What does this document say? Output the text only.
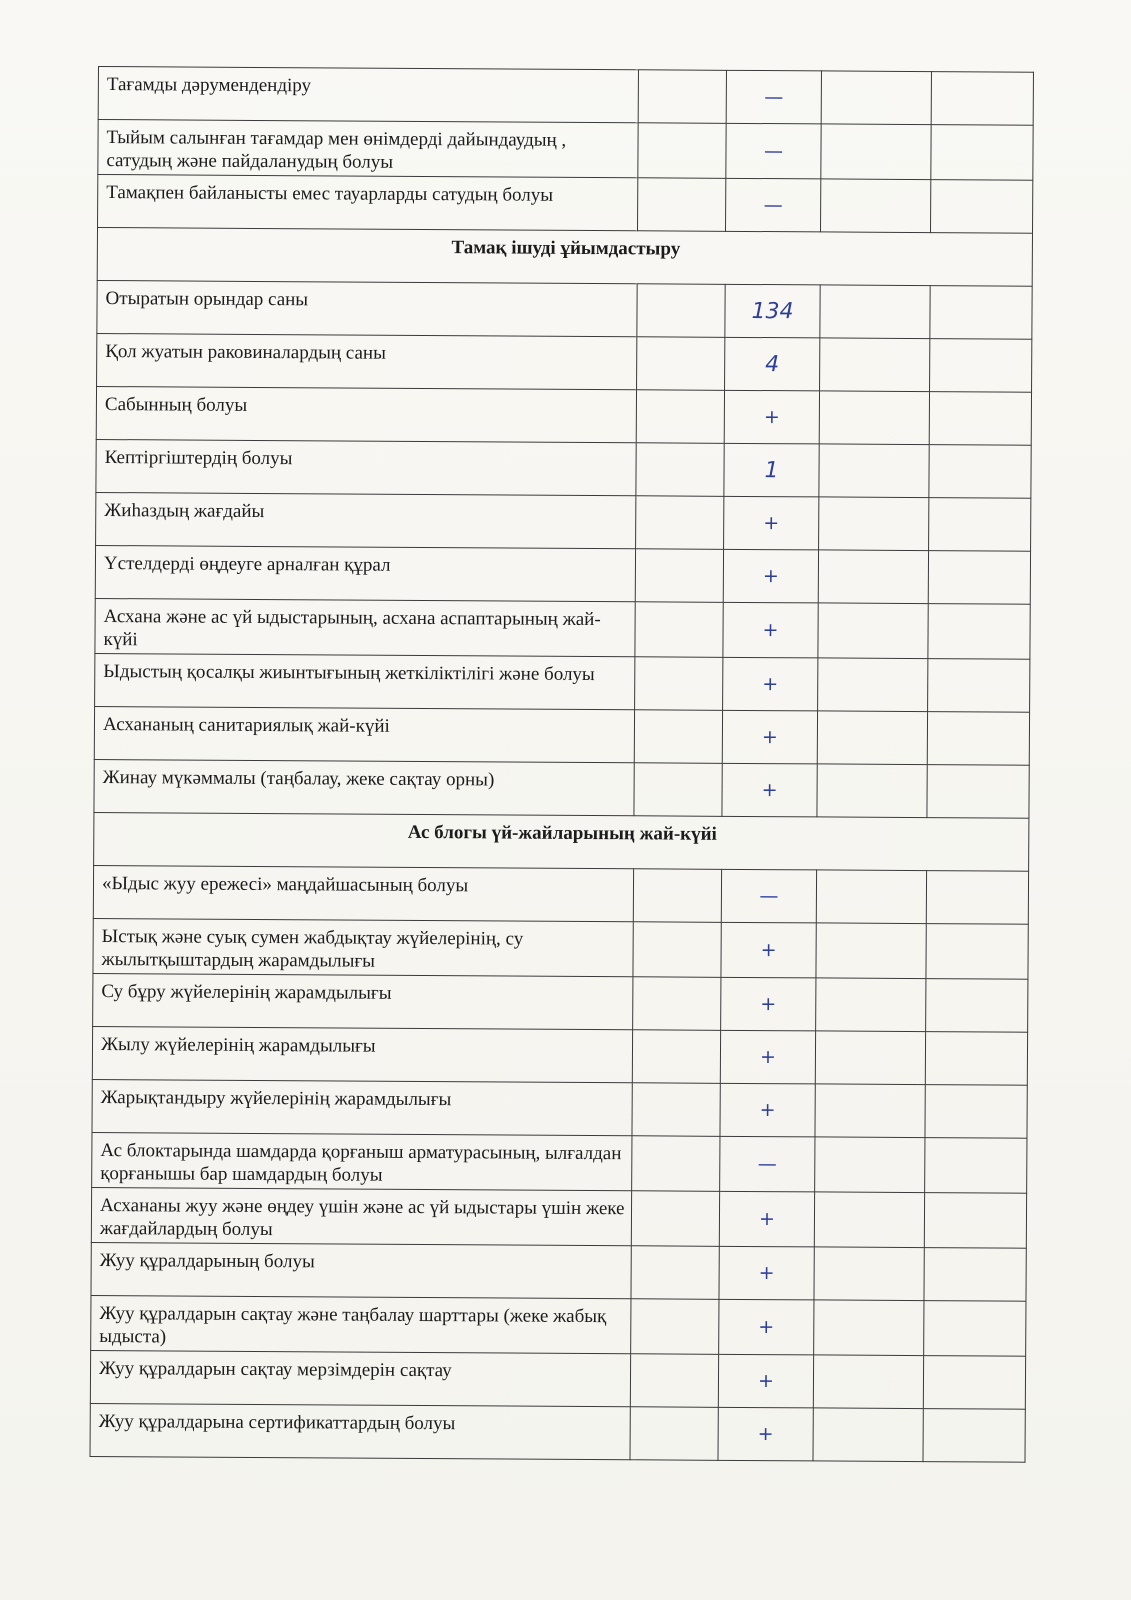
Тағамды дәрумендендіру		—		
Тыйым салынған тағамдар мен өнімдерді дайындаудың , сатудың және пайдаланудың болуы		—		
Тамақпен байланысты емес тауарларды сатудың болуы		—		
Тамақ ішуді ұйымдастыру				
Отыратын орындар саны		134		
Қол жуатын раковиналардың саны		4		
Сабынның болуы		+		
Кептіргіштердің болуы		1		
Жиһаздың жағдайы		+		
Үстелдерді өңдеуге арналған құрал		+		
Асхана және ас үй ыдыстарының, асхана аспаптарының жай-күйі		+		
Ыдыстың қосалқы жиынтығының жеткіліктілігі және болуы		+		
Асхананың санитариялық жай-күйі		+		
Жинау мүкәммалы (таңбалау, жеке сақтау орны)		+		
Ас блогы үй-жайларының жай-күйі				
«Ыдыс жуу ережесі» маңдайшасының болуы		—		
Ыстық және суық сумен жабдықтау жүйелерінің, су жылытқыштардың жарамдылығы		+		
Су бұру жүйелерінің жарамдылығы		+		
Жылу жүйелерінің жарамдылығы		+		
Жарықтандыру жүйелерінің жарамдылығы		+		
Ас блоктарында шамдарда қорғаныш арматурасының, ылғалдан қорғанышы бар шамдардың болуы		—		
Асхананы жуу және өңдеу үшін және ас үй ыдыстары үшін жеке жағдайлардың болуы		+		
Жуу құралдарының болуы		+		
Жуу құралдарын сақтау және таңбалау шарттары (жеке жабық ыдыста)		+		
Жуу құралдарын сақтау мерзімдерін сақтау		+		
Жуу құралдарына сертификаттардың болуы		+		
